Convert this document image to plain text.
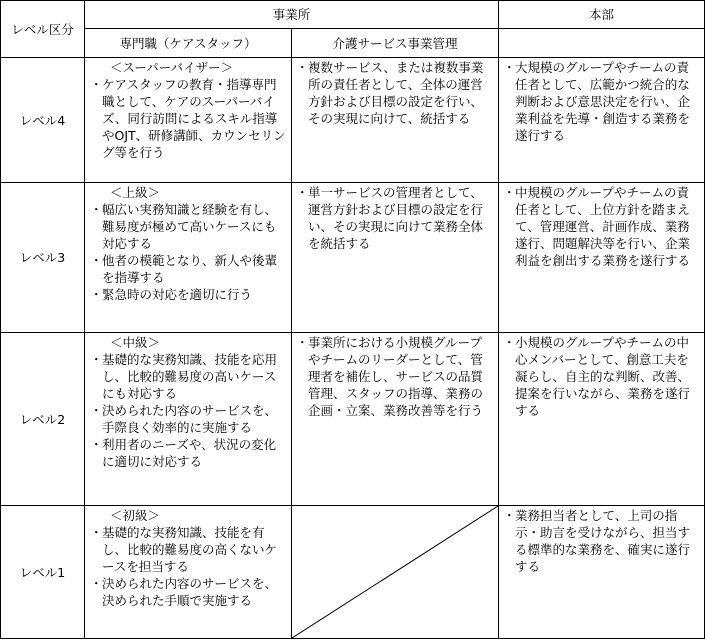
レベル区分
事業所	本部
専門職（ケアスタッフ）	介護サービス事業管理
レベル4
＜スーパーバイザー＞
・ ケアスタッフの教育・指導専門職として、ケアのスーパーバイズ、同行訪問によるスキル指導やOJT、研修講師、カウンセリング等を行う
・ 複数サービス、または複数事業所の責任者として、全体の運営方針および目標の設定を行い、その実現に向けて、統括する
・ 大規模のグループやチームの責任者として、広範かつ統合的な判断および意思決定を行い、企業利益を先導・創造する業務を遂行する
レベル3
＜上級＞
・ 幅広い実務知識と経験を有し、難易度が極めて高いケースにも対応する
・ 他者の模範となり、新人や後輩を指導する
・ 緊急時の対応を適切に行う
・ 単一サービスの管理者として、運営方針および目標の設定を行い、その実現に向けて業務全体を統括する
・ 中規模のグループやチームの責任者として、上位方針を踏まえて、管理運営、計画作成、業務遂行、問題解決等を行い、企業利益を創出する業務を遂行する
レベル2
＜中級＞
・ 基礎的な実務知識、技能を応用し、比較的難易度の高いケースにも対応する
・ 決められた内容のサービスを、手際良く効率的に実施する
・ 利用者のニーズや、状況の変化に適切に対応する
・ 事業所における小規模グループやチームのリーダーとして、管理者を補佐し、サービスの品質管理、スタッフの指導、業務の企画・立案、業務改善等を行う
・ 小規模のグループやチームの中心メンバーとして、創意工夫を凝らし、自主的な判断、改善、提案を行いながら、業務を遂行する
レベル1
＜初級＞
・ 基礎的な実務知識、技能を有し、比較的難易度の高くないケースを担当する
・ 決められた内容のサービスを、決められた手順で実施する
・ 業務担当者として、上司の指示・助言を受けながら、担当する標準的な業務を、確実に遂行する
